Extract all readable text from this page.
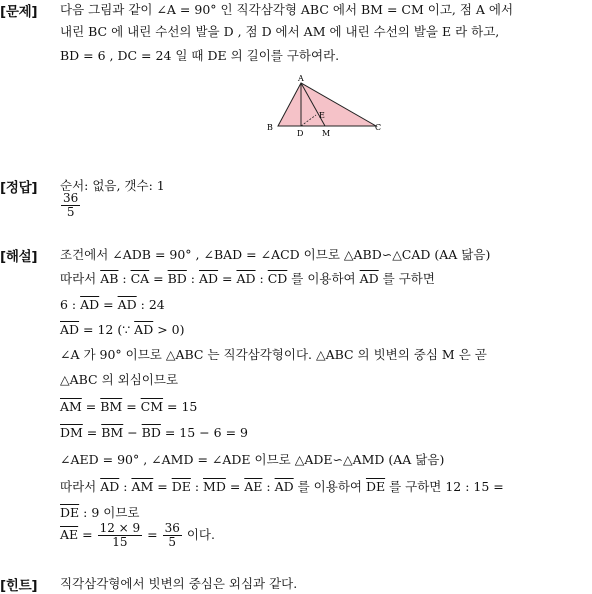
[문제]	다음 그림과 같이 ∠A = 90° 인 직각삼각형 ABC 에서 BM = CM 이고, 점 A 에서
내린 BC 에 내린 수선의 발을 D , 점 D 에서 AM 에 내린 수선의 발을 E 라 하고,
BD = 6 , DC = 24 일 때 DE 의 길이를 구하여라.
A
B	C
D M
E
[정답]	순서: 없음, 갯수: 1
$\frac{36}{5}$
[해설]	조건에서 ∠ADB = 90° , ∠BAD = ∠ACD 이므로 △ABD∽△CAD (AA 닮음)
따라서 $\overline{AB}$ : $\overline{CA} = \overline{BD}$ : $\overline{AD} = \overline{AD}$ : $\overline{CD}$ 를 이용하여 $\overline{AD}$ 를 구하면
6 : $\overline{AD} = \overline{AD}$ : 24
$\overline{AD} = 12$ (∵ $\overline{AD} > 0$)
∠A 가 90° 이므로 △ABC 는 직각삼각형이다. △ABC 의 빗변의 중심 M 은 곧
△ABC 의 외심이므로
$\overline{AM} = \overline{BM} = \overline{CM} = 15$
$\overline{DM} = \overline{BM} - \overline{BD} = 15 - 6 = 9$
∠AED = 90° , ∠AMD = ∠ADE 이므로 △ADE∽△AMD (AA 닮음)
따라서 $\overline{AD}$ : $\overline{AM} = \overline{DE}$ : $\overline{MD} = \overline{AE}$ : $\overline{AD}$ 를 이용하여 $\overline{DE}$ 를 구하면 12 : 15 =
$\overline{DE}$ : 9 이므로
$\overline{AE} = \frac{12 \times 9}{15} = \frac{36}{5}$ 이다.
[힌트]	직각삼각형에서 빗변의 중심은 외심과 같다.
